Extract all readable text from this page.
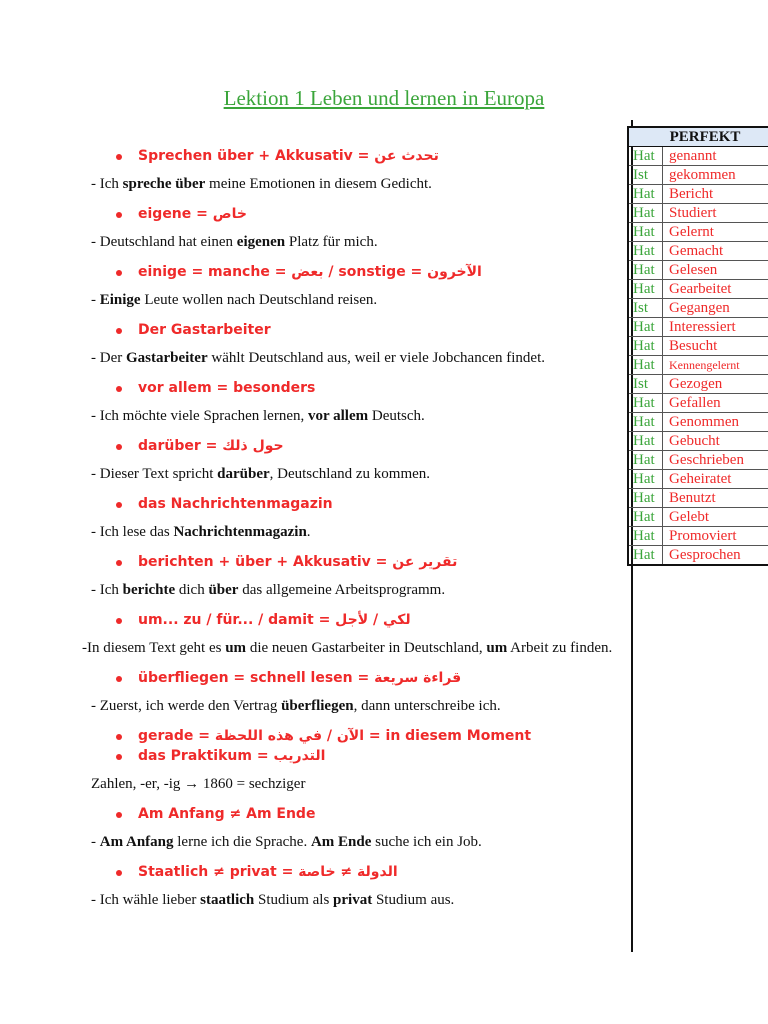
Lektion 1 Leben und lernen in Europa

Sprechen über + Akkusativ = تحدث عن

- Ich spreche über meine Emotionen in diesem Gedicht.

eigene = خاص

- Deutschland hat einen eigenen Platz für mich.

einige = manche = بعض / sonstige = الآخرون

- Einige Leute wollen nach Deutschland reisen.

Der Gastarbeiter

- Der Gastarbeiter wählt Deutschland aus, weil er viele Jobchancen findet.

vor allem = besonders

- Ich möchte viele Sprachen lernen, vor allem Deutsch.

darüber = حول ذلك

- Dieser Text spricht darüber, Deutschland zu kommen.

das Nachrichtenmagazin

- Ich lese das Nachrichtenmagazin.

berichten + über + Akkusativ = تقرير عن

- Ich berichte dich über das allgemeine Arbeitsprogramm.

um... zu / für... / damit = لكي / لأجل

-In diesem Text geht es um die neuen Gastarbeiter in Deutschland, um Arbeit zu finden.

überfliegen = schnell lesen = قراءة سريعة

- Zuerst, ich werde den Vertrag überfliegen, dann unterschreibe ich.

gerade = الآن / في هذه اللحظة = in diesem Moment

das Praktikum = التدريب

Zahlen, -er, -ig → 1860 = sechziger

Am Anfang ≠ Am Ende

- Am Anfang lerne ich die Sprache. Am Ende suche ich ein Job.

Staatlich ≠ privat = الدولة ≠ خاصة

- Ich wähle lieber staatlich Studium als privat Studium aus.

PERFEKT	
Hat	genannt
Ist	gekommen
Hat	Bericht
Hat	Studiert
Hat	Gelernt
Hat	Gemacht
Hat	Gelesen
Hat	Gearbeitet
Ist	Gegangen
Hat	Interessiert
Hat	Besucht
Hat	Kennengelernt
Ist	Gezogen
Hat	Gefallen
Hat	Genommen
Hat	Gebucht
Hat	Geschrieben
Hat	Geheiratet
Hat	Benutzt
Hat	Gelebt
Hat	Promoviert
Hat	Gesprochen
